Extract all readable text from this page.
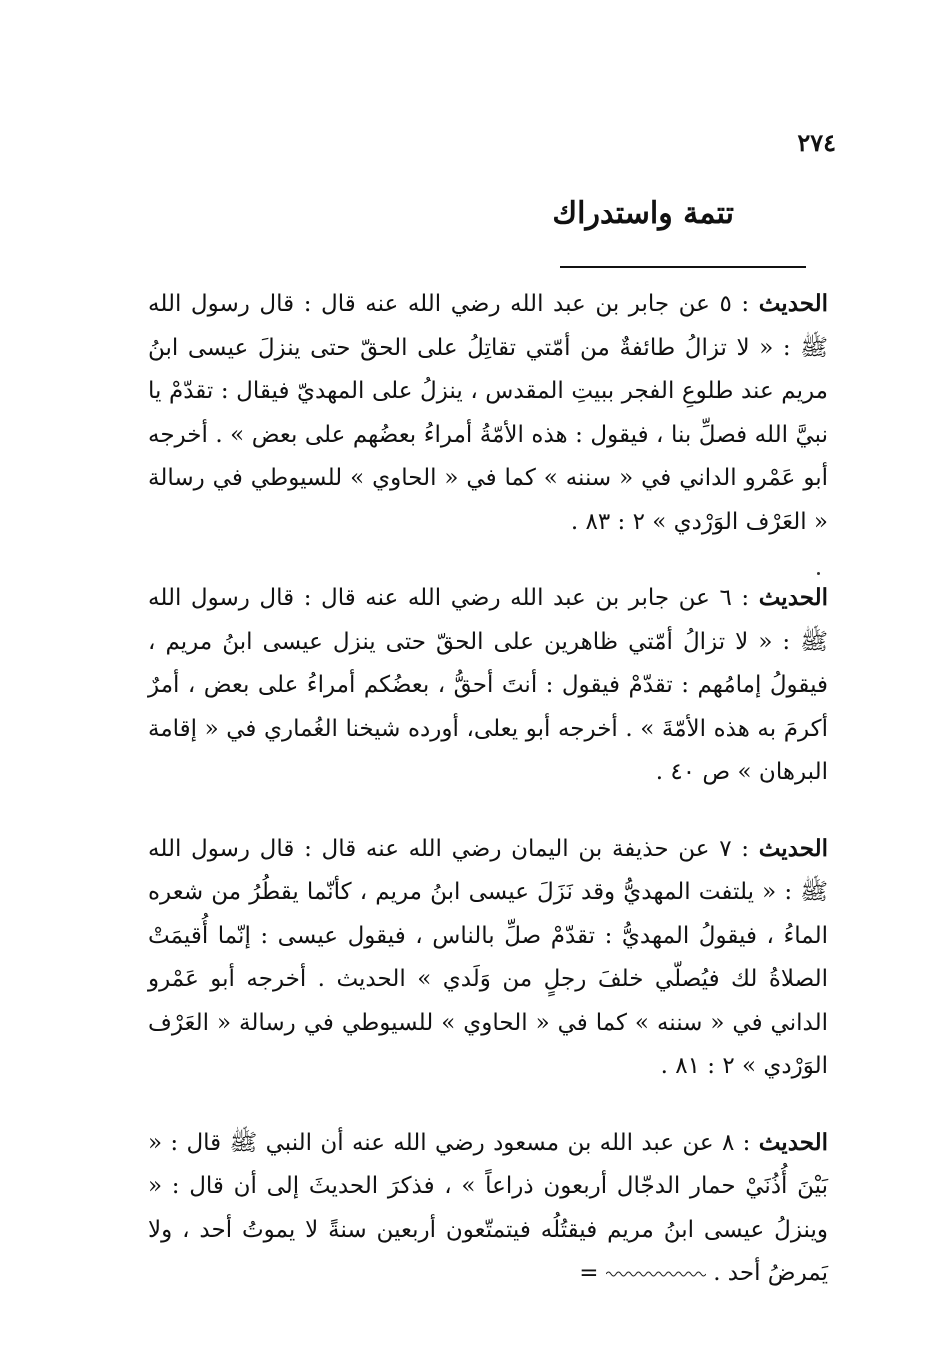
٢٧٤
تتمة واستدراك

الحديث : ٥ عن جابر بن عبد الله رضي الله عنه قال : قال رسول الله ﷺ : « لا تزالُ طائفةٌ من أمّتي تقاتِلُ على الحقّ حتى ينزلَ عيسى ابنُ مريم عند طلوعِ الفجر ببيتِ المقدس ، ينزلُ على المهديّ فيقال : تقدّمْ يا نبيَّ الله فصلِّ بنا ، فيقول : هذه الأمّةُ أمراءُ بعضُهم على بعض » . أخرجه أبو عَمْرو الداني في « سننه » كما في « الحاوي » للسيوطي في رسالة « العَرْف الوَرْدي » ٢ : ٨٣ .

الحديث : ٦ عن جابر بن عبد الله رضي الله عنه قال : قال رسول الله ﷺ : « لا تزالُ أمّتي ظاهرين على الحقّ حتى ينزل عيسى ابنُ مريم ، فيقولُ إمامُهم : تقدّمْ فيقول : أنتَ أحقُّ ، بعضُكم أمراءُ على بعض ، أمرٌ أكرمَ به هذه الأمّةَ » . أخرجه أبو يعلى، أورده شيخنا الغُماري في « إقامة البرهان » ص ٤٠ .

الحديث : ٧ عن حذيفة بن اليمان رضي الله عنه قال : قال رسول الله ﷺ : « يلتفت المهديُّ وقد نَزَلَ عيسى ابنُ مريم ، كأنّما يقطُرُ من شعره الماءُ ، فيقولُ المهديُّ : تقدّمْ صلِّ بالناس ، فيقول عيسى : إنّما أُقيمَتْ الصلاةُ لك فيُصلّي خلفَ رجلٍ من وَلَدي » الحديث . أخرجه أبو عَمْرو الداني في « سننه » كما في « الحاوي » للسيوطي في رسالة « العَرْف الوَرْدي » ٢ : ٨١ .

الحديث : ٨ عن عبد الله بن مسعود رضي الله عنه أن النبي ﷺ قال : « بَيْنَ أُذُنَيْ حمار الدجّال أربعون ذراعاً » ، فذكرَ الحديثَ إلى أن قال : « وينزلُ عيسى ابنُ مريم فيقتُلُه فيتمتّعون أربعين سنةً لا يموتُ أحد ، ولا يَمرضُ أحد .  =
